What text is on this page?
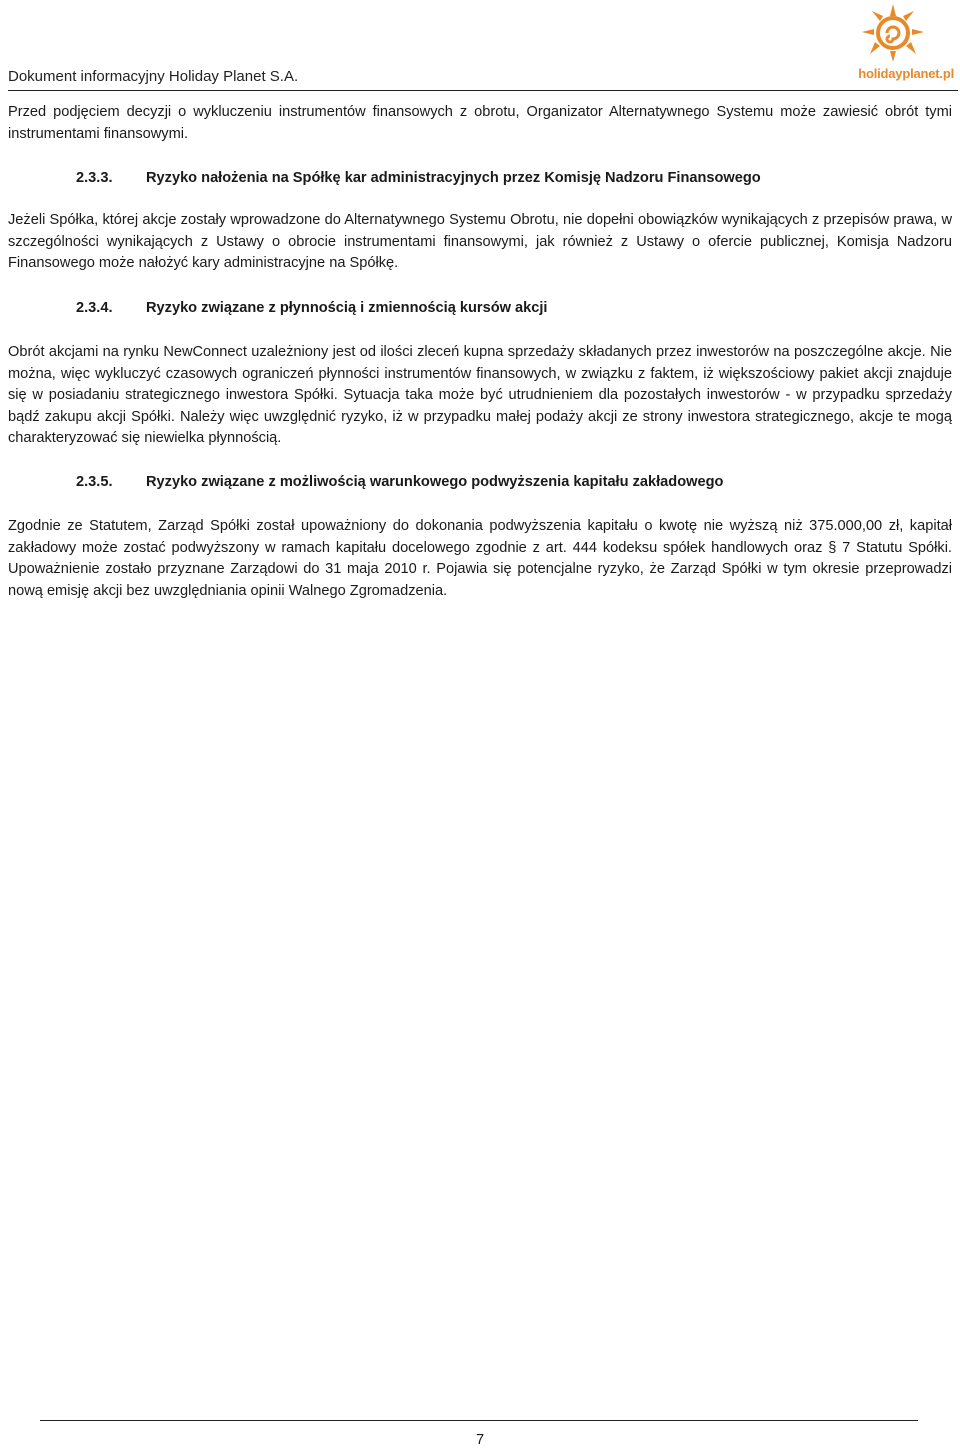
Dokument informacyjny Holiday Planet S.A.	holidayplanet.pl

Przed podjęciem decyzji o wykluczeniu instrumentów finansowych z obrotu, Organizator Alternatywnego Systemu może zawiesić obrót tymi instrumentami finansowymi.

2.3.3. Ryzyko nałożenia na Spółkę kar administracyjnych przez Komisję Nadzoru Finansowego

Jeżeli Spółka, której akcje zostały wprowadzone do Alternatywnego Systemu Obrotu, nie dopełni obowiązków wynikających z przepisów prawa, w szczególności wynikających z Ustawy o obrocie instrumentami finansowymi, jak również z Ustawy o ofercie publicznej, Komisja Nadzoru Finansowego może nałożyć kary administracyjne na Spółkę.

2.3.4. Ryzyko związane z płynnością i zmiennością kursów akcji

Obrót akcjami na rynku NewConnect uzależniony jest od ilości zleceń kupna sprzedaży składanych przez inwestorów na poszczególne akcje. Nie można, więc wykluczyć czasowych ograniczeń płynności instrumentów finansowych, w związku z faktem, iż większościowy pakiet akcji znajduje się w posiadaniu strategicznego inwestora Spółki. Sytuacja taka może być utrudnieniem dla pozostałych inwestorów - w przypadku sprzedaży bądź zakupu akcji Spółki. Należy więc uwzględnić ryzyko, iż w przypadku małej podaży akcji ze strony inwestora strategicznego, akcje te mogą charakteryzować się niewielka płynnością.

2.3.5. Ryzyko związane z możliwością warunkowego podwyższenia kapitału zakładowego

Zgodnie ze Statutem, Zarząd Spółki został upoważniony do dokonania podwyższenia kapitału o kwotę nie wyższą niż 375.000,00 zł, kapitał zakładowy może zostać podwyższony w ramach kapitału docelowego zgodnie z art. 444 kodeksu spółek handlowych oraz § 7 Statutu Spółki. Upoważnienie zostało przyznane Zarządowi do 31 maja 2010 r. Pojawia się potencjalne ryzyko, że Zarząd Spółki w tym okresie przeprowadzi nową emisję akcji bez uwzględniania opinii Walnego Zgromadzenia.

7
